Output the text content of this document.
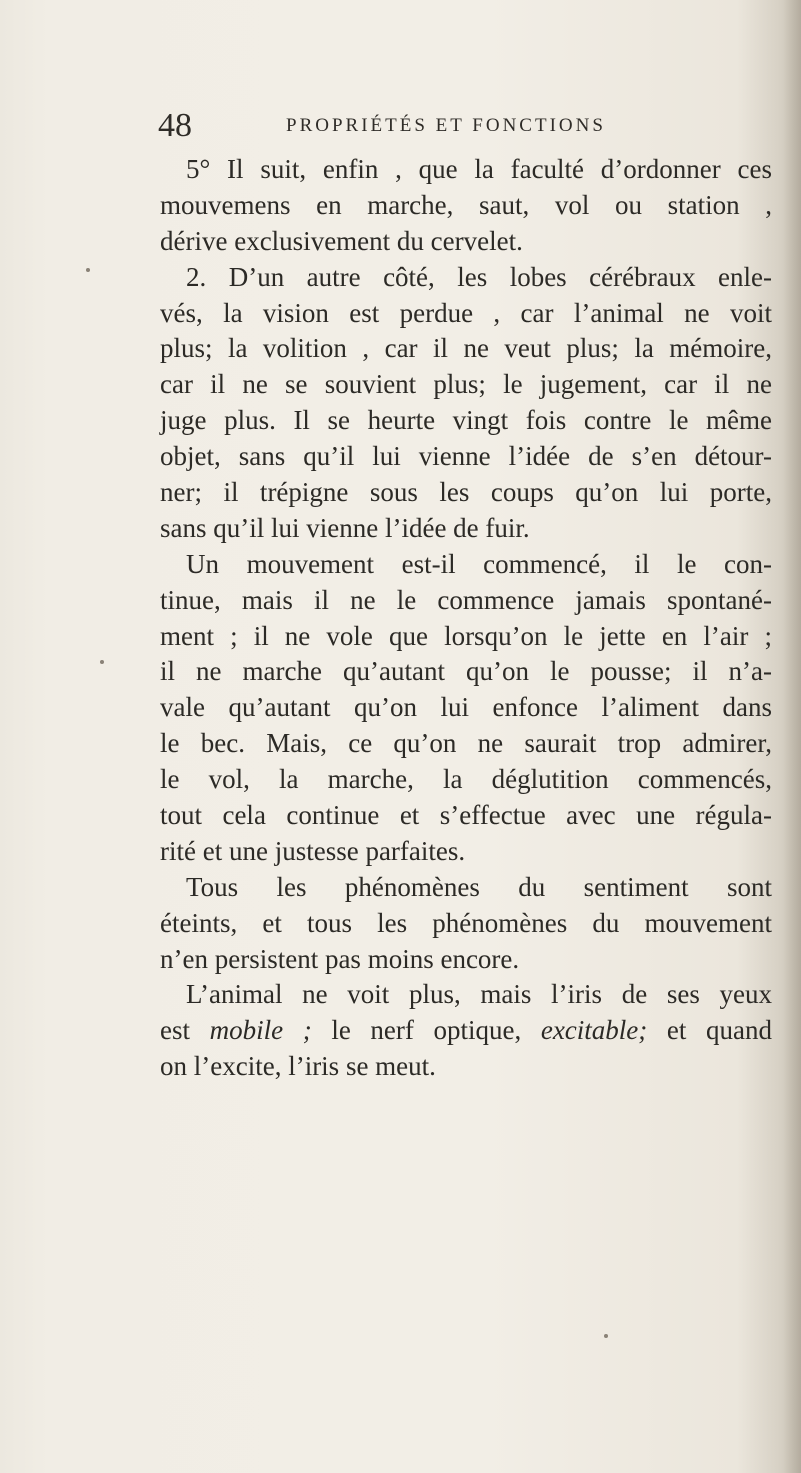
48	PROPRIÉTÉS ET FONCTIONS
5° Il suit, enfin , que la faculté d’ordonner ces
mouvemens en marche, saut, vol ou station ,
dérive exclusivement du cervelet.
2. D’un autre côté, les lobes cérébraux enle-
vés, la vision est perdue , car l’animal ne voit
plus; la volition , car il ne veut plus; la mémoire,
car il ne se souvient plus; le jugement, car il ne
juge plus. Il se heurte vingt fois contre le même
objet, sans qu’il lui vienne l’idée de s’en détour-
ner; il trépigne sous les coups qu’on lui porte,
sans qu’il lui vienne l’idée de fuir.
Un mouvement est-il commencé, il le con-
tinue, mais il ne le commence jamais spontané-
ment ; il ne vole que lorsqu’on le jette en l’air ;
il ne marche qu’autant qu’on le pousse; il n’a-
vale qu’autant qu’on lui enfonce l’aliment dans
le bec. Mais, ce qu’on ne saurait trop admirer,
le vol, la marche, la déglutition commencés,
tout cela continue et s’effectue avec une régula-
rité et une justesse parfaites.
Tous les phénomènes du sentiment sont
éteints, et tous les phénomènes du mouvement
n’en persistent pas moins encore.
L’animal ne voit plus, mais l’iris de ses yeux
est mobile ; le nerf optique, excitable; et quand
on l’excite, l’iris se meut.
